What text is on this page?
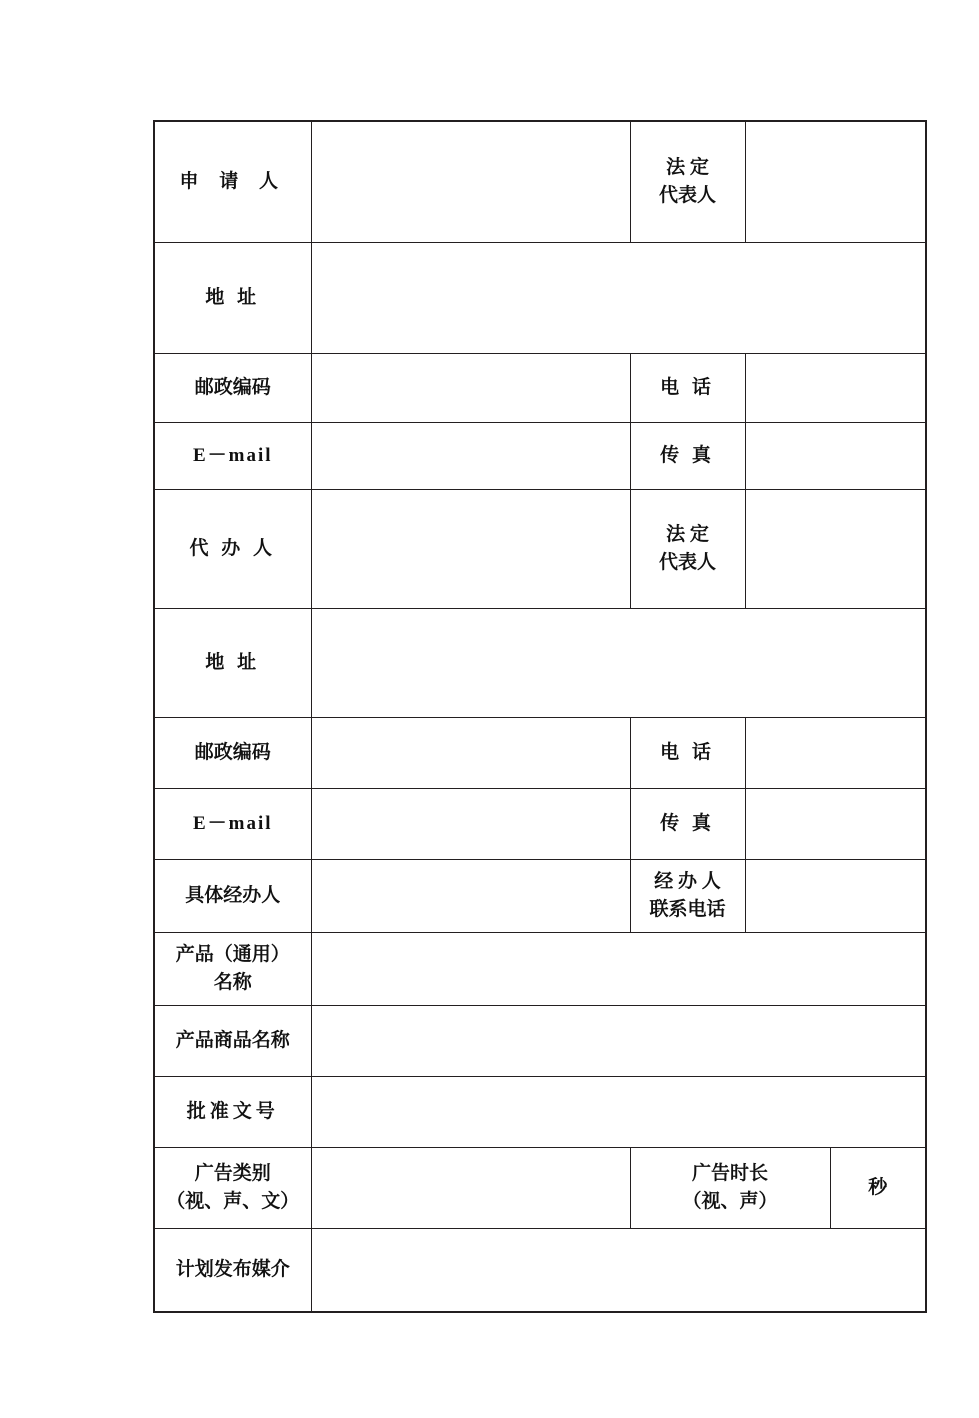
申 请 人		法 定
代表人		

地 址				

邮政编码		电 话		

E－mail		传 真		

代 办 人		法 定
代表人		

地 址				

邮政编码		电 话		

E－mail		传 真		

具体经办人		经 办 人
联系电话		

产品（通用）
名称				

产品商品名称				

批准文号				

广告类别
（视、声、文）		广告时长
（视、声）		秒

计划发布媒介				
